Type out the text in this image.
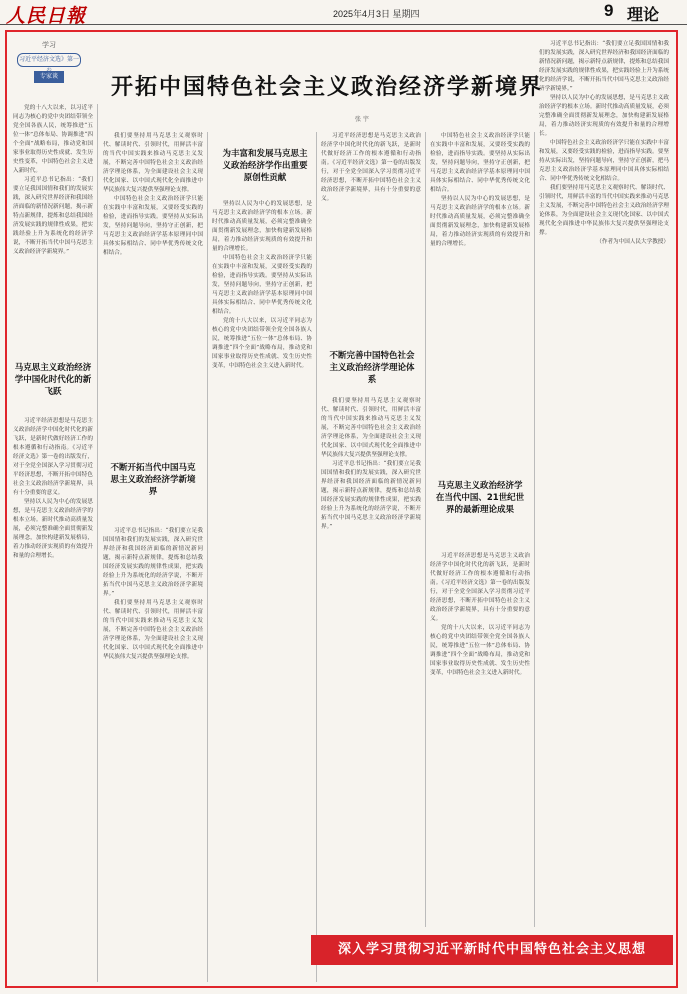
人民日報	2025年4月3日 星期四	9 理论
学习
习近平经济文选》第一
专家谈 开拓中国特色社会主义政治经济学新境界
张 宇

党的十八大以来，以习近平同志为核心的党中央团结带领全党全国各族人民，统筹推进“五位一体”总体布局、协调推进“四个全面”战略布局，推动党和国家事业取得历史性成就、发生历史性变革，中国特色社会主义进入新时代。

习近平总书记指出：“我们要立足我国国情和我们的发展实践，深入研究世界经济和我国经济面临的新情况新问题，揭示新特点新规律，提炼和总结我国经济发展实践的规律性成果，把实践经验上升为系统化的经济学说，不断开拓当代中国马克思主义政治经济学新境界。”

马克思主义政治经济学中国化时代化的新飞跃

习近平经济思想是马克思主义政治经济学中国化时代化的新飞跃，是新时代做好经济工作的根本遵循和行动指南。《习近平经济文选》第一卷的出版发行，对于全党全国深入学习贯彻习近平经济思想，不断开拓中国特色社会主义政治经济学新境界，具有十分重要的意义。

坚持以人民为中心的发展思想，是马克思主义政治经济学的根本立场。新时代推动高质量发展，必须完整准确全面贯彻新发展理念，加快构建新发展格局，着力推动经济实现质的有效提升和量的合理增长。

我们要坚持用马克思主义观察时代、解读时代、引领时代，用鲜活丰富的当代中国实践来推动马克思主义发展，不断完善中国特色社会主义政治经济学理论体系，为全面建设社会主义现代化国家、以中国式现代化全面推进中华民族伟大复兴提供坚强理论支撑。

中国特色社会主义政治经济学只能在实践中丰富和发展，又要经受实践的检验，进而指导实践。要坚持从实际出发，坚持问题导向，坚持守正创新，把马克思主义政治经济学基本原理同中国具体实际相结合、同中华优秀传统文化相结合。

不断开拓当代中国马克思主义政治经济学新境界

习近平总书记指出：“我们要立足我国国情和我们的发展实践，深入研究世界经济和我国经济面临的新情况新问题，揭示新特点新规律，提炼和总结我国经济发展实践的规律性成果，把实践经验上升为系统化的经济学说，不断开拓当代中国马克思主义政治经济学新境界。”

我们要坚持用马克思主义观察时代、解读时代、引领时代，用鲜活丰富的当代中国实践来推动马克思主义发展，不断完善中国特色社会主义政治经济学理论体系，为全面建设社会主义现代化国家、以中国式现代化全面推进中华民族伟大复兴提供坚强理论支撑。

为丰富和发展马克思主义政治经济学作出重要原创性贡献

坚持以人民为中心的发展思想，是马克思主义政治经济学的根本立场。新时代推动高质量发展，必须完整准确全面贯彻新发展理念，加快构建新发展格局，着力推动经济实现质的有效提升和量的合理增长。

中国特色社会主义政治经济学只能在实践中丰富和发展，又要经受实践的检验，进而指导实践。要坚持从实际出发，坚持问题导向，坚持守正创新，把马克思主义政治经济学基本原理同中国具体实际相结合、同中华优秀传统文化相结合。

党的十八大以来，以习近平同志为核心的党中央团结带领全党全国各族人民，统筹推进“五位一体”总体布局、协调推进“四个全面”战略布局，推动党和国家事业取得历史性成就、发生历史性变革，中国特色社会主义进入新时代。

习近平经济思想是马克思主义政治经济学中国化时代化的新飞跃，是新时代做好经济工作的根本遵循和行动指南。《习近平经济文选》第一卷的出版发行，对于全党全国深入学习贯彻习近平经济思想，不断开拓中国特色社会主义政治经济学新境界，具有十分重要的意义。

不断完善中国特色社会主义政治经济学理论体系

我们要坚持用马克思主义观察时代、解读时代、引领时代，用鲜活丰富的当代中国实践来推动马克思主义发展，不断完善中国特色社会主义政治经济学理论体系，为全面建设社会主义现代化国家、以中国式现代化全面推进中华民族伟大复兴提供坚强理论支撑。

习近平总书记指出：“我们要立足我国国情和我们的发展实践，深入研究世界经济和我国经济面临的新情况新问题，揭示新特点新规律，提炼和总结我国经济发展实践的规律性成果，把实践经验上升为系统化的经济学说，不断开拓当代中国马克思主义政治经济学新境界。”

中国特色社会主义政治经济学只能在实践中丰富和发展，又要经受实践的检验，进而指导实践。要坚持从实际出发，坚持问题导向，坚持守正创新，把马克思主义政治经济学基本原理同中国具体实际相结合、同中华优秀传统文化相结合。

坚持以人民为中心的发展思想，是马克思主义政治经济学的根本立场。新时代推动高质量发展，必须完整准确全面贯彻新发展理念，加快构建新发展格局，着力推动经济实现质的有效提升和量的合理增长。

马克思主义政治经济学在当代中国、21世纪世界的最新理论成果

习近平经济思想是马克思主义政治经济学中国化时代化的新飞跃，是新时代做好经济工作的根本遵循和行动指南。《习近平经济文选》第一卷的出版发行，对于全党全国深入学习贯彻习近平经济思想，不断开拓中国特色社会主义政治经济学新境界，具有十分重要的意义。

党的十八大以来，以习近平同志为核心的党中央团结带领全党全国各族人民，统筹推进“五位一体”总体布局、协调推进“四个全面”战略布局，推动党和国家事业取得历史性成就、发生历史性变革，中国特色社会主义进入新时代。

习近平总书记指出：“我们要立足我国国情和我们的发展实践，深入研究世界经济和我国经济面临的新情况新问题，揭示新特点新规律，提炼和总结我国经济发展实践的规律性成果，把实践经验上升为系统化的经济学说，不断开拓当代中国马克思主义政治经济学新境界。”

坚持以人民为中心的发展思想，是马克思主义政治经济学的根本立场。新时代推动高质量发展，必须完整准确全面贯彻新发展理念，加快构建新发展格局，着力推动经济实现质的有效提升和量的合理增长。

中国特色社会主义政治经济学只能在实践中丰富和发展，又要经受实践的检验，进而指导实践。要坚持从实际出发，坚持问题导向，坚持守正创新，把马克思主义政治经济学基本原理同中国具体实际相结合、同中华优秀传统文化相结合。

我们要坚持用马克思主义观察时代、解读时代、引领时代，用鲜活丰富的当代中国实践来推动马克思主义发展，不断完善中国特色社会主义政治经济学理论体系，为全面建设社会主义现代化国家、以中国式现代化全面推进中华民族伟大复兴提供坚强理论支撑。

（作者为中国人民大学教授）

深入学习贯彻习近平新时代中国特色社会主义思想
